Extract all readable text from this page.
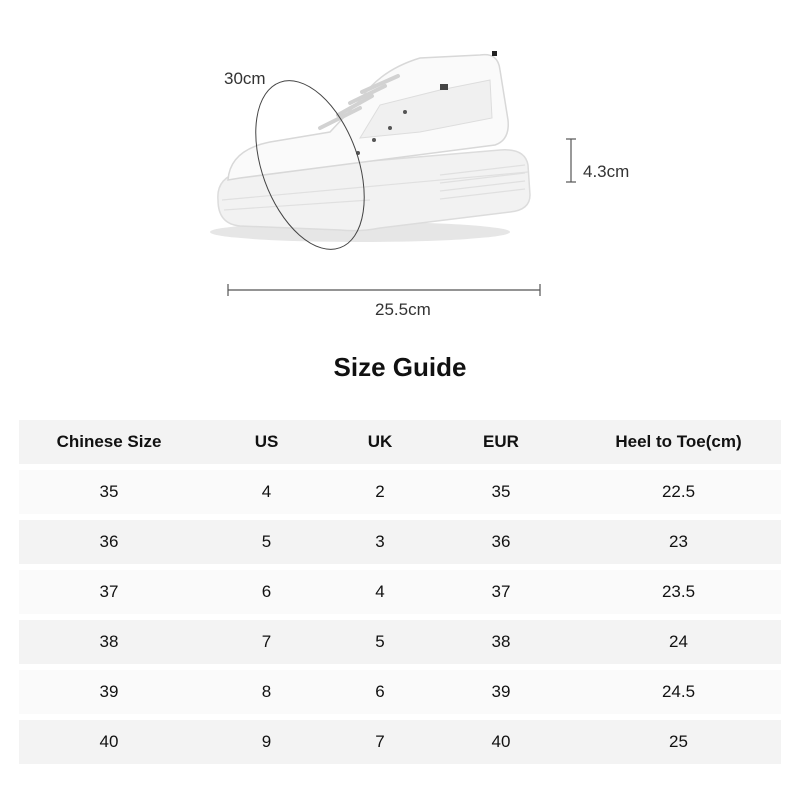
30cm
4.3cm
25.5cm
Size Guide
Chinese Size	US	UK	EUR	Heel to Toe(cm)
35	4	2	35	22.5
36	5	3	36	23
37	6	4	37	23.5
38	7	5	38	24
39	8	6	39	24.5
40	9	7	40	25
